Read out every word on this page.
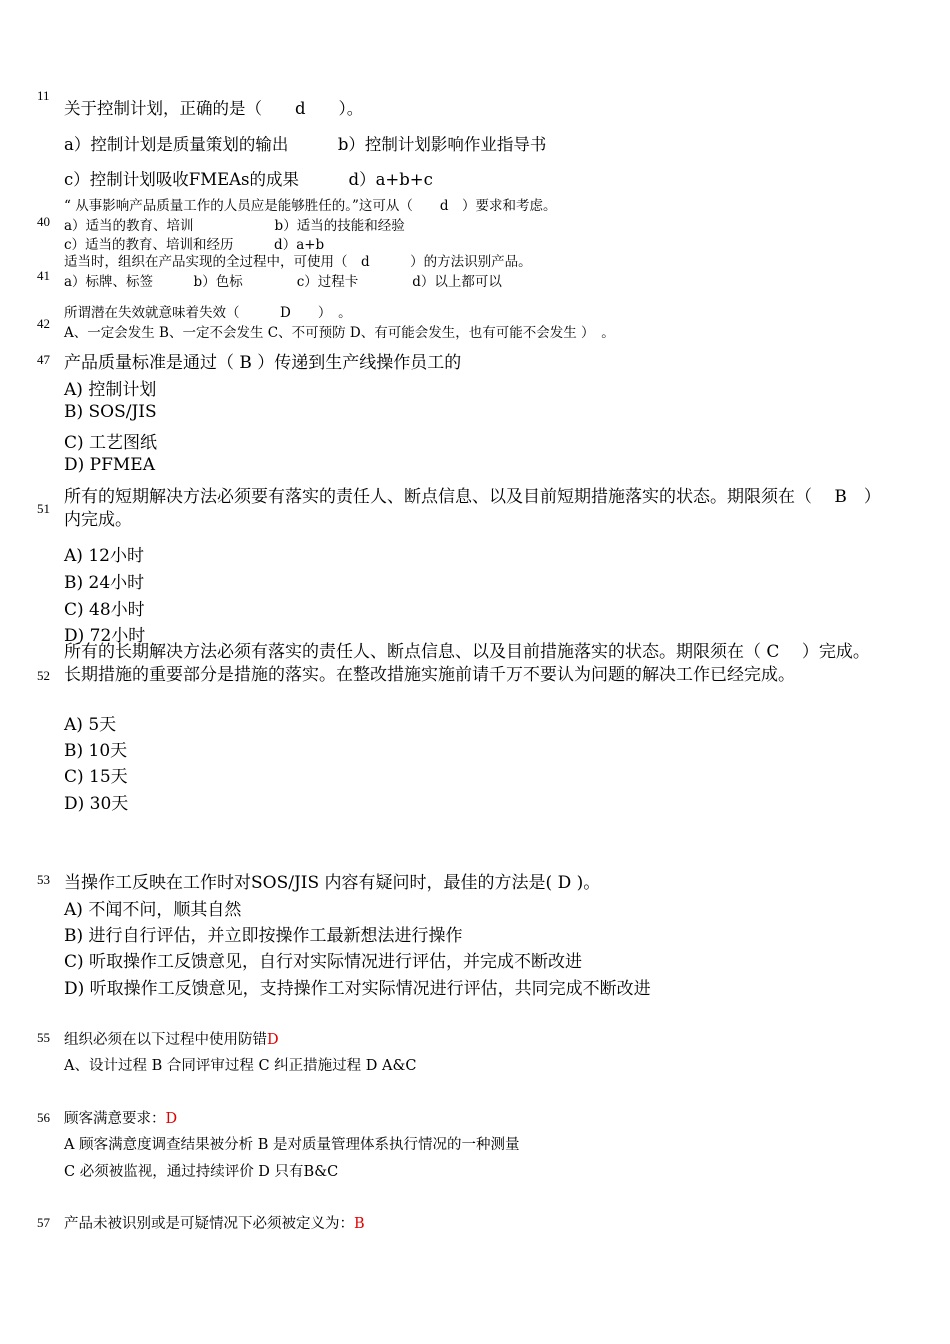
11
关于控制计划，正确的是（　　d　　）。
a）控制计划是质量策划的输出　　　b）控制计划影响作业指导书
c）控制计划吸收FMEAs的成果　　　d）a+b+c
“ 从事影响产品质量工作的人员应是能够胜任的。”这可从（　　d　）要求和考虑。
40 a）适当的教育、培训　　　　　　b）适当的技能和经验
c）适当的教育、培训和经历　　　d）a+b
适当时，组织在产品实现的全过程中，可使用（　d　　　）的方法识别产品。
41 a）标牌、标签　　　b）色标　　　　c）过程卡　　　　d）以上都可以
所谓潜在失效就意味着失效（　　　D　　）　。
42
A、一定会发生 B、一定不会发生 C、不可预防 D、有可能会发生，也有可能不会发生 ）　。
47 产品质量标准是通过（ B ）传递到生产线操作员工的
A) 控制计划
B) SOS/JIS
C) 工艺图纸
D) PFMEA
51
所有的短期解决方法必须要有落实的责任人、断点信息、以及目前短期措施落实的状态。期限须在（　 B　）内完成。
A) 12小时
B) 24小时
C) 48小时
D) 72小时
52
所有的长期解决方法必须有落实的责任人、断点信息、以及目前措施落实的状态。期限须在（ C　 ）完成。长期措施的重要部分是措施的落实。在整改措施实施前请千万不要认为问题的解决工作已经完成。
A) 5天
B) 10天
C) 15天
D) 30天
53 当操作工反映在工作时对SOS/JIS 内容有疑问时，最佳的方法是( D )。
A) 不闻不问，顺其自然
B) 进行自行评估，并立即按操作工最新想法进行操作
C) 听取操作工反馈意见，自行对实际情况进行评估，并完成不断改进
D) 听取操作工反馈意见，支持操作工对实际情况进行评估，共同完成不断改进
55 组织必须在以下过程中使用防错D
A、设计过程 B 合同评审过程 C 纠正措施过程 D A&C
56 顾客满意要求：D
A 顾客满意度调查结果被分析 B 是对质量管理体系执行情况的一种测量
C 必须被监视，通过持续评价 D 只有B&C
57 产品未被识别或是可疑情况下必须被定义为：B
